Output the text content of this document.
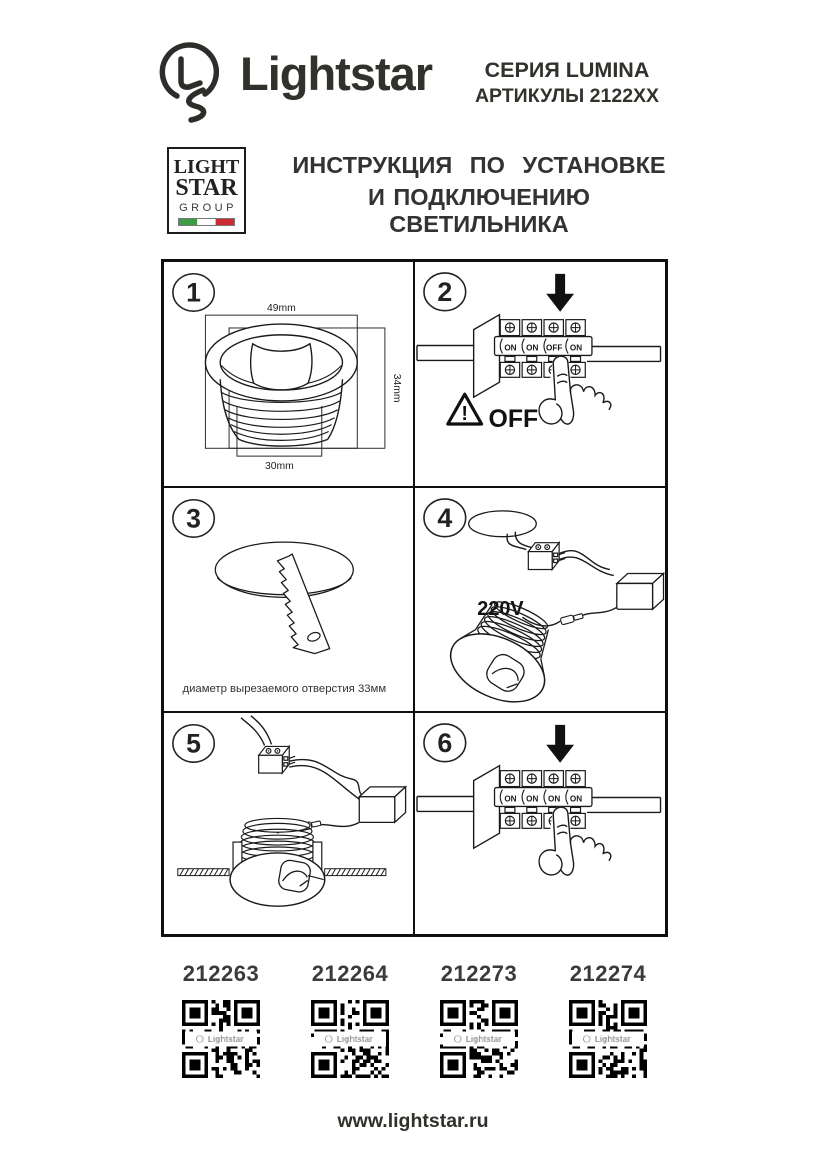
Lightstar	СЕРИЯ LUMINA
АРТИКУЛЫ 2122XX
LIGHT
STAR
GROUP
ИНСТРУКЦИЯ ПО УСТАНОВКЕ
И ПОДКЛЮЧЕНИЮ СВЕТИЛЬНИКА
1
49mm
34mm
30mm
2
ON ON OFF ON
! OFF
3
диаметр вырезаемого отверстия 33мм
4
220V
5	6
ON ON ON ON
212263	212264	212273	212274
www.lightstar.ru
